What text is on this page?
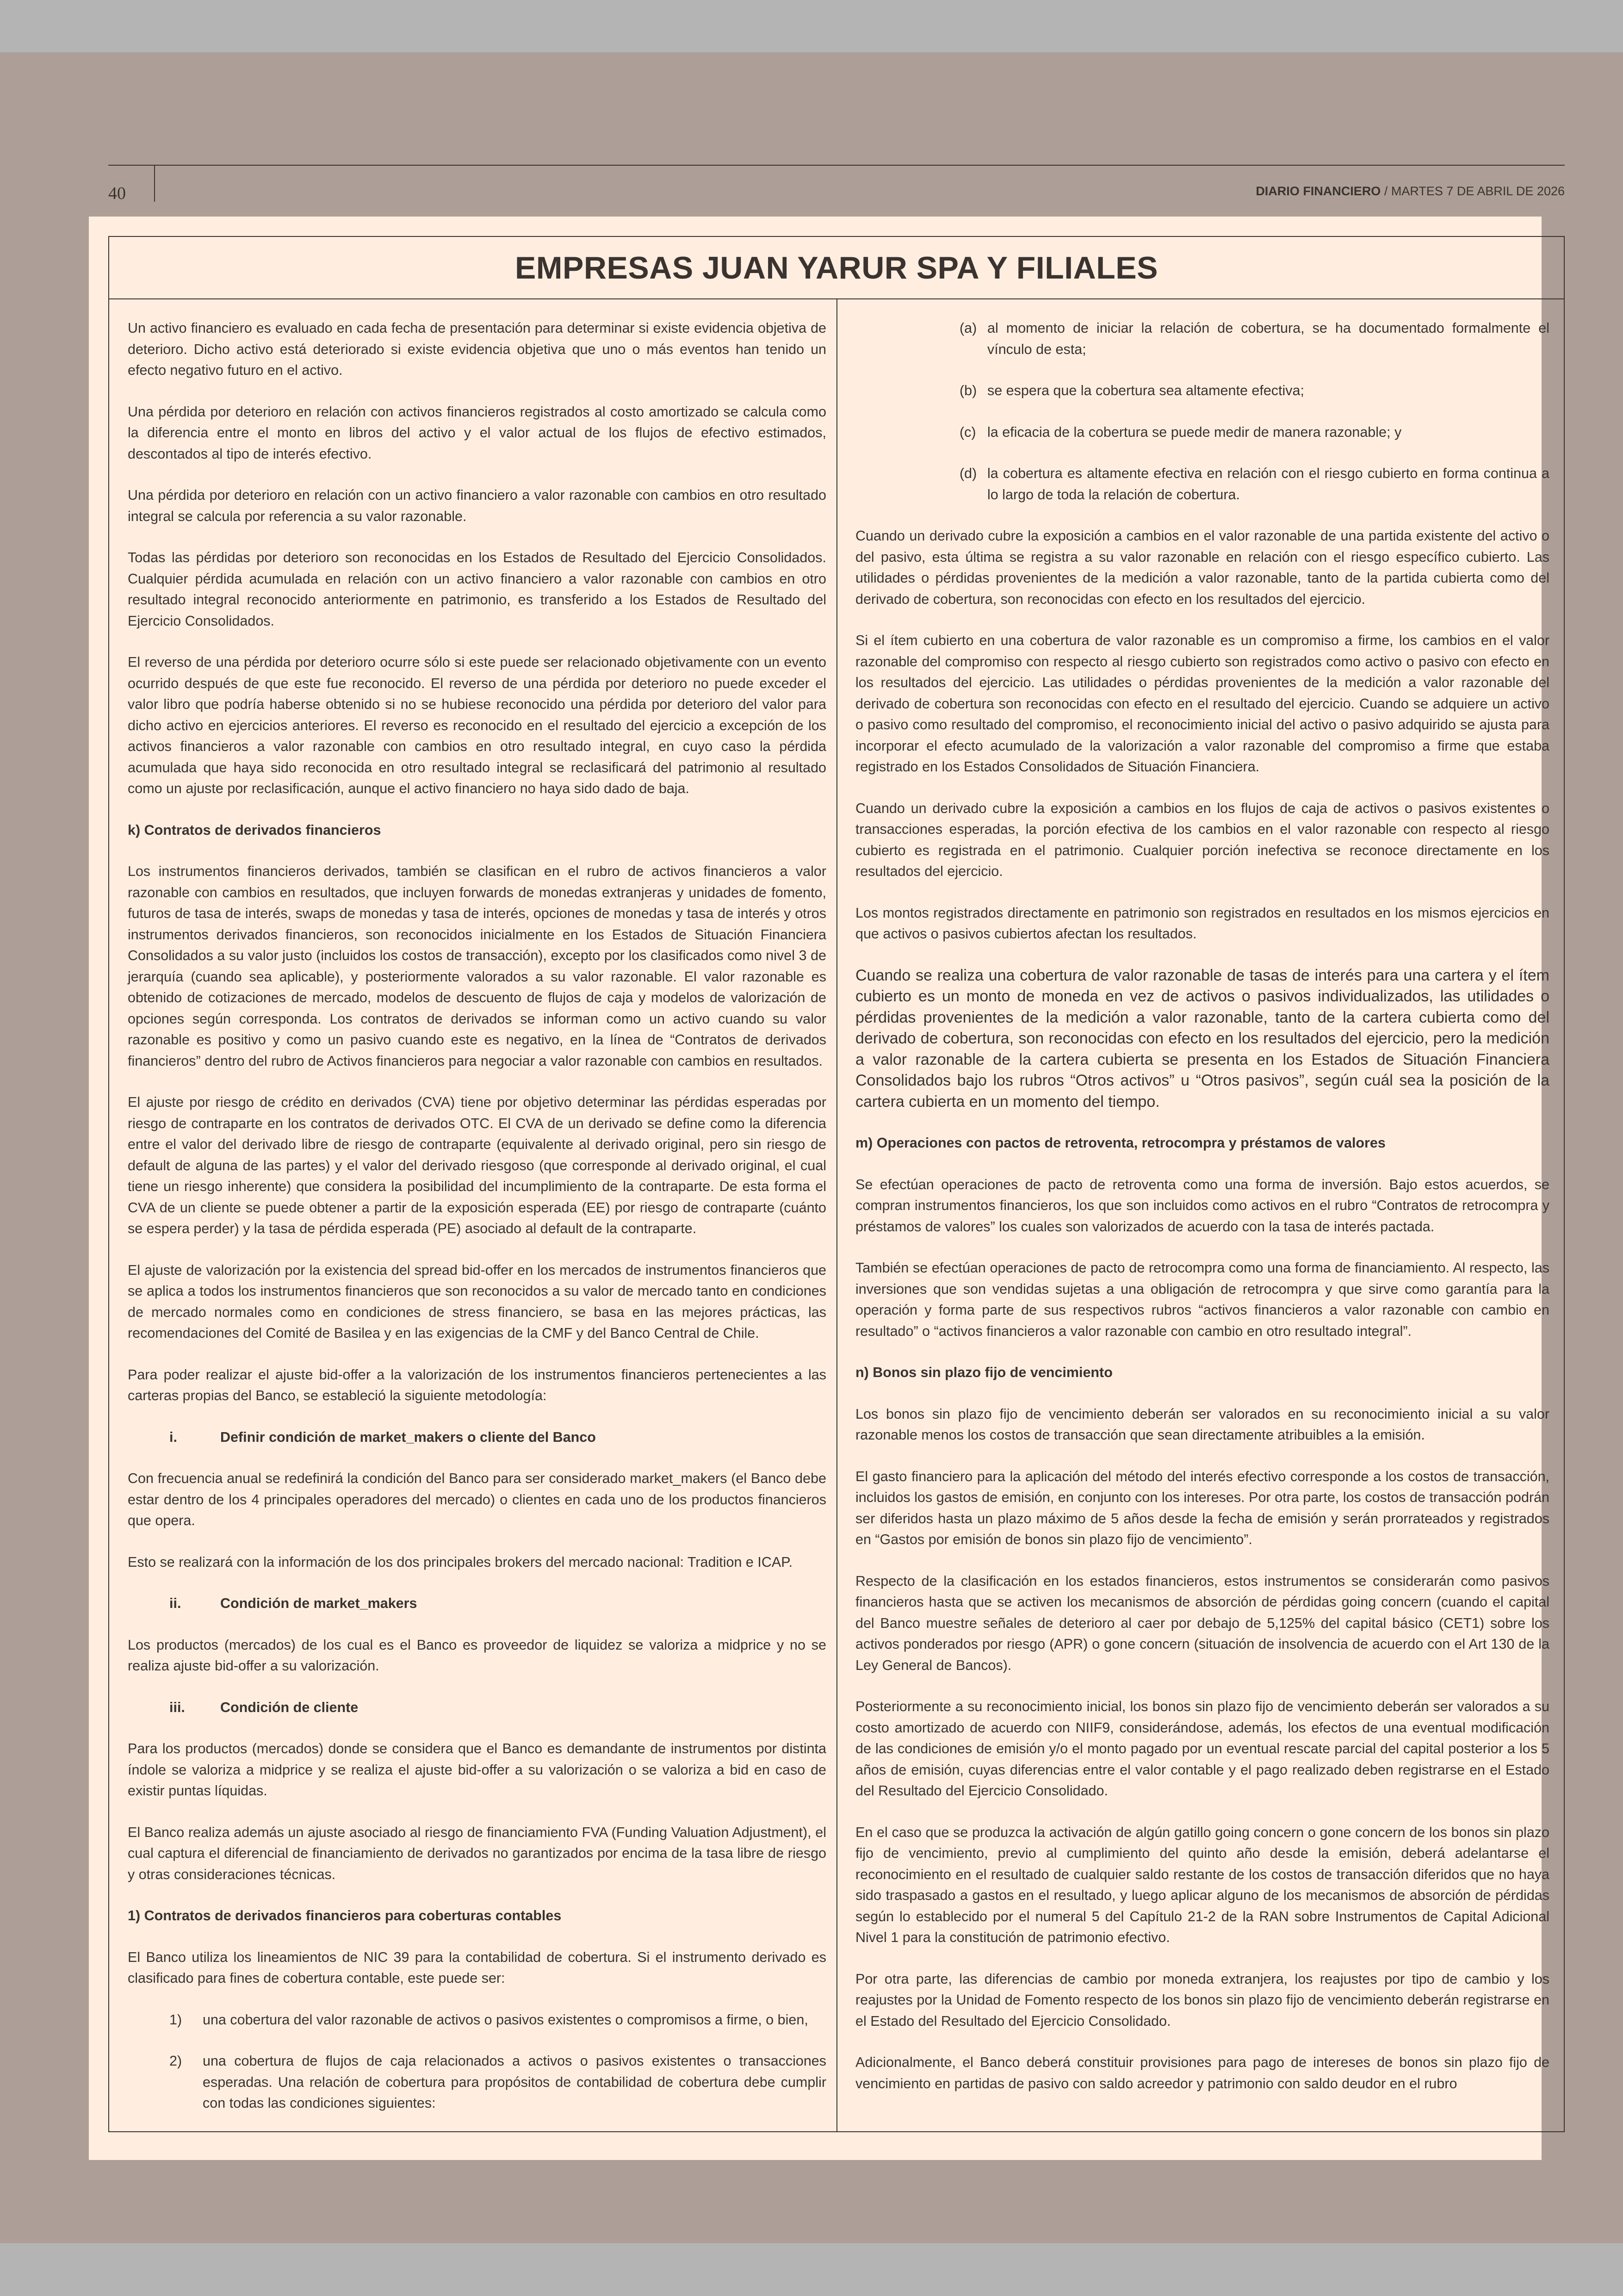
40	DIARIO FINANCIERO / MARTES 7 DE ABRIL DE 2026
EMPRESAS JUAN YARUR SPA Y FILIALES

Un activo financiero es evaluado en cada fecha de presentación para determinar si existe evidencia objetiva de deterioro. Dicho activo está deteriorado si existe evidencia objetiva que uno o más eventos han tenido un efecto negativo futuro en el activo.

Una pérdida por deterioro en relación con activos financieros registrados al costo amortizado se calcula como la diferencia entre el monto en libros del activo y el valor actual de los flujos de efectivo estimados, descontados al tipo de interés efectivo.

Una pérdida por deterioro en relación con un activo financiero a valor razonable con cambios en otro resultado integral se calcula por referencia a su valor razonable.

Todas las pérdidas por deterioro son reconocidas en los Estados de Resultado del Ejercicio Consolidados. Cualquier pérdida acumulada en relación con un activo financiero a valor razonable con cambios en otro resultado integral reconocido anteriormente en patrimonio, es transferido a los Estados de Resultado del Ejercicio Consolidados.

El reverso de una pérdida por deterioro ocurre sólo si este puede ser relacionado objetivamente con un evento ocurrido después de que este fue reconocido. El reverso de una pérdida por deterioro no puede exceder el valor libro que podría haberse obtenido si no se hubiese reconocido una pérdida por deterioro del valor para dicho activo en ejercicios anteriores. El reverso es reconocido en el resultado del ejercicio a excepción de los activos financieros a valor razonable con cambios en otro resultado integral, en cuyo caso la pérdida acumulada que haya sido reconocida en otro resultado integral se reclasificará del patrimonio al resultado como un ajuste por reclasificación, aunque el activo financiero no haya sido dado de baja.

k) Contratos de derivados financieros

Los instrumentos financieros derivados, también se clasifican en el rubro de activos financieros a valor razonable con cambios en resultados, que incluyen forwards de monedas extranjeras y unidades de fomento, futuros de tasa de interés, swaps de monedas y tasa de interés, opciones de monedas y tasa de interés y otros instrumentos derivados financieros, son reconocidos inicialmente en los Estados de Situación Financiera Consolidados a su valor justo (incluidos los costos de transacción), excepto por los clasificados como nivel 3 de jerarquía (cuando sea aplicable), y posteriormente valorados a su valor razonable. El valor razonable es obtenido de cotizaciones de mercado, modelos de descuento de flujos de caja y modelos de valorización de opciones según corresponda. Los contratos de derivados se informan como un activo cuando su valor razonable es positivo y como un pasivo cuando este es negativo, en la línea de “Contratos de derivados financieros” dentro del rubro de Activos financieros para negociar a valor razonable con cambios en resultados.

El ajuste por riesgo de crédito en derivados (CVA) tiene por objetivo determinar las pérdidas esperadas por riesgo de contraparte en los contratos de derivados OTC. El CVA de un derivado se define como la diferencia entre el valor del derivado libre de riesgo de contraparte (equivalente al derivado original, pero sin riesgo de default de alguna de las partes) y el valor del derivado riesgoso (que corresponde al derivado original, el cual tiene un riesgo inherente) que considera la posibilidad del incumplimiento de la contraparte. De esta forma el CVA de un cliente se puede obtener a partir de la exposición esperada (EE) por riesgo de contraparte (cuánto se espera perder) y la tasa de pérdida esperada (PE) asociado al default de la contraparte.

El ajuste de valorización por la existencia del spread bid-offer en los mercados de instrumentos financieros que se aplica a todos los instrumentos financieros que son reconocidos a su valor de mercado tanto en condiciones de mercado normales como en condiciones de stress financiero, se basa en las mejores prácticas, las recomendaciones del Comité de Basilea y en las exigencias de la CMF y del Banco Central de Chile.

Para poder realizar el ajuste bid-offer a la valorización de los instrumentos financieros pertenecientes a las carteras propias del Banco, se estableció la siguiente metodología:

i.	Definir condición de market_makers o cliente del Banco

Con frecuencia anual se redefinirá la condición del Banco para ser considerado market_makers (el Banco debe estar dentro de los 4 principales operadores del mercado) o clientes en cada uno de los productos financieros que opera.

Esto se realizará con la información de los dos principales brokers del mercado nacional: Tradition e ICAP.

ii.	Condición de market_makers

Los productos (mercados) de los cual es el Banco es proveedor de liquidez se valoriza a midprice y no se realiza ajuste bid-offer a su valorización.

iii.	Condición de cliente

Para los productos (mercados) donde se considera que el Banco es demandante de instrumentos por distinta índole se valoriza a midprice y se realiza el ajuste bid-offer a su valorización o se valoriza a bid en caso de existir puntas líquidas.

El Banco realiza además un ajuste asociado al riesgo de financiamiento FVA (Funding Valuation Adjustment), el cual captura el diferencial de financiamiento de derivados no garantizados por encima de la tasa libre de riesgo y otras consideraciones técnicas.

1) Contratos de derivados financieros para coberturas contables

El Banco utiliza los lineamientos de NIC 39 para la contabilidad de cobertura. Si el instrumento derivado es clasificado para fines de cobertura contable, este puede ser:

1)	una cobertura del valor razonable de activos o pasivos existentes o compromisos a firme, o bien,
2)	una cobertura de flujos de caja relacionados a activos o pasivos existentes o transacciones esperadas. Una relación de cobertura para propósitos de contabilidad de cobertura debe cumplir con todas las condiciones siguientes:
(a) al momento de iniciar la relación de cobertura, se ha documentado formalmente el vínculo de esta;
(b) se espera que la cobertura sea altamente efectiva;
(c) la eficacia de la cobertura se puede medir de manera razonable; y
(d) la cobertura es altamente efectiva en relación con el riesgo cubierto en forma continua a lo largo de toda la relación de cobertura.

Cuando un derivado cubre la exposición a cambios en el valor razonable de una partida existente del activo o del pasivo, esta última se registra a su valor razonable en relación con el riesgo específico cubierto. Las utilidades o pérdidas provenientes de la medición a valor razonable, tanto de la partida cubierta como del derivado de cobertura, son reconocidas con efecto en los resultados del ejercicio.

Si el ítem cubierto en una cobertura de valor razonable es un compromiso a firme, los cambios en el valor razonable del compromiso con respecto al riesgo cubierto son registrados como activo o pasivo con efecto en los resultados del ejercicio. Las utilidades o pérdidas provenientes de la medición a valor razonable del derivado de cobertura son reconocidas con efecto en el resultado del ejercicio. Cuando se adquiere un activo o pasivo como resultado del compromiso, el reconocimiento inicial del activo o pasivo adquirido se ajusta para incorporar el efecto acumulado de la valorización a valor razonable del compromiso a firme que estaba registrado en los Estados Consolidados de Situación Financiera.

Cuando un derivado cubre la exposición a cambios en los flujos de caja de activos o pasivos existentes o transacciones esperadas, la porción efectiva de los cambios en el valor razonable con respecto al riesgo cubierto es registrada en el patrimonio. Cualquier porción inefectiva se reconoce directamente en los resultados del ejercicio.

Los montos registrados directamente en patrimonio son registrados en resultados en los mismos ejercicios en que activos o pasivos cubiertos afectan los resultados.

Cuando se realiza una cobertura de valor razonable de tasas de interés para una cartera y el ítem cubierto es un monto de moneda en vez de activos o pasivos individualizados, las utilidades o pérdidas provenientes de la medición a valor razonable, tanto de la cartera cubierta como del derivado de cobertura, son reconocidas con efecto en los resultados del ejercicio, pero la medición a valor razonable de la cartera cubierta se presenta en los Estados de Situación Financiera Consolidados bajo los rubros “Otros activos” u “Otros pasivos”, según cuál sea la posición de la cartera cubierta en un momento del tiempo.

m) Operaciones con pactos de retroventa, retrocompra y préstamos de valores

Se efectúan operaciones de pacto de retroventa como una forma de inversión. Bajo estos acuerdos, se compran instrumentos financieros, los que son incluidos como activos en el rubro “Contratos de retrocompra y préstamos de valores” los cuales son valorizados de acuerdo con la tasa de interés pactada.

También se efectúan operaciones de pacto de retrocompra como una forma de financiamiento. Al respecto, las inversiones que son vendidas sujetas a una obligación de retrocompra y que sirve como garantía para la operación y forma parte de sus respectivos rubros “activos financieros a valor razonable con cambio en resultado” o “activos financieros a valor razonable con cambio en otro resultado integral”.

n) Bonos sin plazo fijo de vencimiento

Los bonos sin plazo fijo de vencimiento deberán ser valorados en su reconocimiento inicial a su valor razonable menos los costos de transacción que sean directamente atribuibles a la emisión.

El gasto financiero para la aplicación del método del interés efectivo corresponde a los costos de transacción, incluidos los gastos de emisión, en conjunto con los intereses. Por otra parte, los costos de transacción podrán ser diferidos hasta un plazo máximo de 5 años desde la fecha de emisión y serán prorrateados y registrados en “Gastos por emisión de bonos sin plazo fijo de vencimiento”.

Respecto de la clasificación en los estados financieros, estos instrumentos se considerarán como pasivos financieros hasta que se activen los mecanismos de absorción de pérdidas going concern (cuando el capital del Banco muestre señales de deterioro al caer por debajo de 5,125% del capital básico (CET1) sobre los activos ponderados por riesgo (APR) o gone concern (situación de insolvencia de acuerdo con el Art 130 de la Ley General de Bancos).

Posteriormente a su reconocimiento inicial, los bonos sin plazo fijo de vencimiento deberán ser valorados a su costo amortizado de acuerdo con NIIF9, considerándose, además, los efectos de una eventual modificación de las condiciones de emisión y/o el monto pagado por un eventual rescate parcial del capital posterior a los 5 años de emisión, cuyas diferencias entre el valor contable y el pago realizado deben registrarse en el Estado del Resultado del Ejercicio Consolidado.

En el caso que se produzca la activación de algún gatillo going concern o gone concern de los bonos sin plazo fijo de vencimiento, previo al cumplimiento del quinto año desde la emisión, deberá adelantarse el reconocimiento en el resultado de cualquier saldo restante de los costos de transacción diferidos que no haya sido traspasado a gastos en el resultado, y luego aplicar alguno de los mecanismos de absorción de pérdidas según lo establecido por el numeral 5 del Capítulo 21-2 de la RAN sobre Instrumentos de Capital Adicional Nivel 1 para la constitución de patrimonio efectivo.

Por otra parte, las diferencias de cambio por moneda extranjera, los reajustes por tipo de cambio y los reajustes por la Unidad de Fomento respecto de los bonos sin plazo fijo de vencimiento deberán registrarse en el Estado del Resultado del Ejercicio Consolidado.

Adicionalmente, el Banco deberá constituir provisiones para pago de intereses de bonos sin plazo fijo de vencimiento en partidas de pasivo con saldo acreedor y patrimonio con saldo deudor en el rubro
